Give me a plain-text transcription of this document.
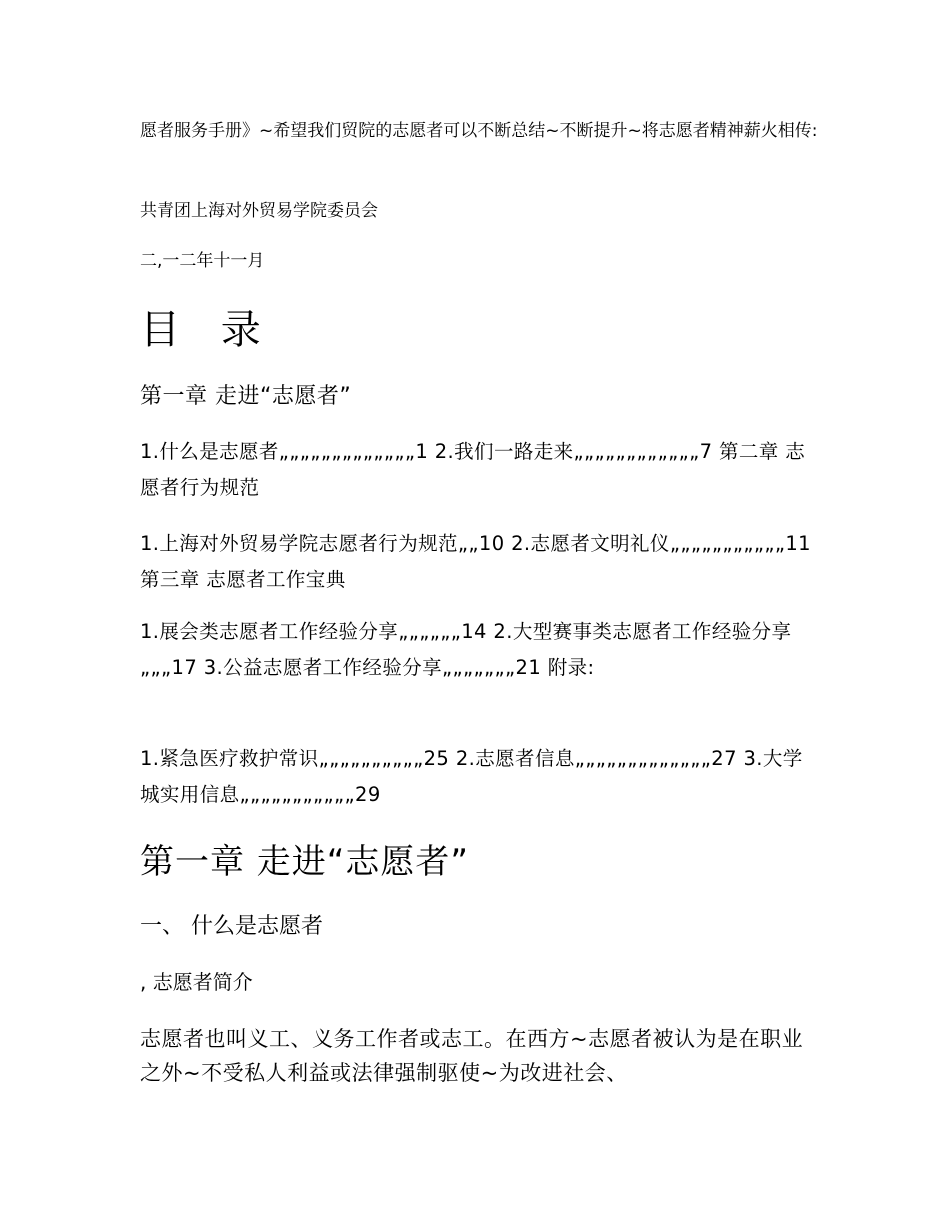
愿者服务手册》~希望我们贸院的志愿者可以不断总结~不断提升~将志愿者精神薪火相传:

共青团上海对外贸易学院委员会

二,一二年十一月

目 录

第一章 走进“志愿者”

1.什么是志愿者„„„„„„„„„„„„„1 2.我们一路走来„„„„„„„„„„„„7 第二章 志愿者行为规范

1.上海对外贸易学院志愿者行为规范„„10 2.志愿者文明礼仪„„„„„„„„„„„11 第三章 志愿者工作宝典

1.展会类志愿者工作经验分享„„„„„„14 2.大型赛事类志愿者工作经验分享„„„17 3.公益志愿者工作经验分享„„„„„„„21 附录:

1.紧急医疗救护常识„„„„„„„„„„25 2.志愿者信息„„„„„„„„„„„„„27 3.大学城实用信息„„„„„„„„„„„29

第一章 走进“志愿者”
一、 什么是志愿者
, 志愿者简介

志愿者也叫义工、义务工作者或志工。在西方~志愿者被认为是在职业之外~不受私人利益或法律强制驱使~为改进社会、
